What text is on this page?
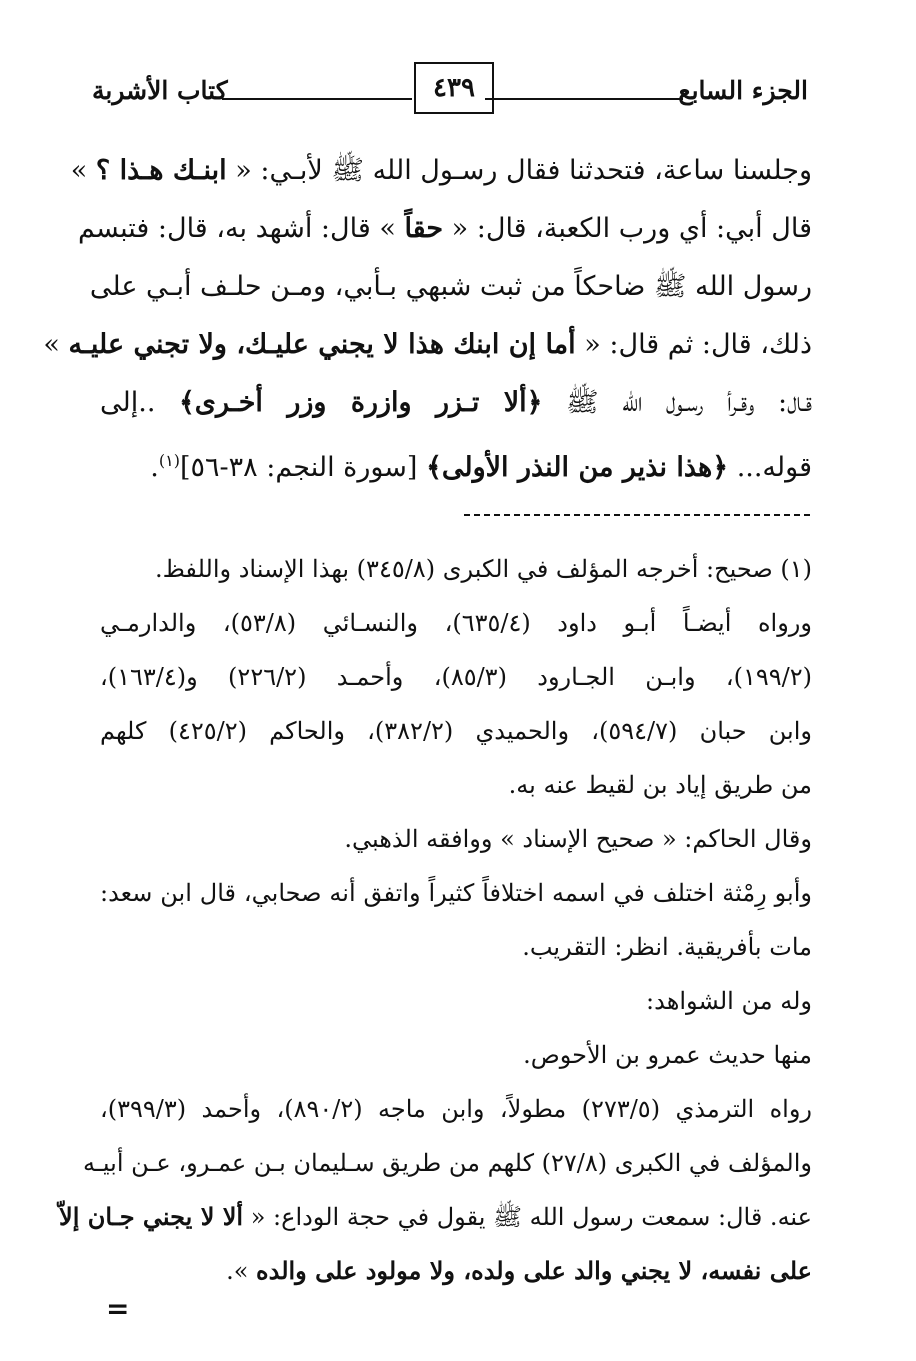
الجزء السابع
٤٣٩
كتاب الأشربة
وجلسنا ساعة، فتحدثنا فقال رسـول الله ﷺ لأبـي: « ابنـك هـذا ؟ »
قال أبي: أي ورب الكعبة، قال: « حقاً » قال: أشهد به، قال: فتبسم
رسول الله ﷺ ضاحكاً من ثبت شبهي بـأبي، ومـن حلـف أبـي على
ذلك، قال: ثم قال: « أما إن ابنك هذا لا يجني عليـك، ولا تجني عليـه »
قـال: وقـرأ رسـول الله ﷺ ﴿ألا تـزر وازرة وزر أخـرى﴾ ..إلى
قوله... ﴿هذا نذير من النذر الأولى﴾ [سورة النجم: ٣٨-٥٦]$^{(١)}$.
(١) صحيح: أخرجه المؤلف في الكبرى (٣٤٥/٨) بهذا الإسناد واللفظ.
ورواه أيضـاً أبـو داود (٦٣٥/٤)، والنسـائي (٥٣/٨)، والدارمـي
(١٩٩/٢)، وابـن الجـارود (٨٥/٣)، وأحمـد (٢٢٦/٢) و(١٦٣/٤)،
وابن حبان (٥٩٤/٧)، والحميدي (٣٨٢/٢)، والحاكم (٤٢٥/٢) كلهم
من طريق إياد بن لقيط عنه به.
وقال الحاكم: « صحيح الإسناد » ووافقه الذهبي.
وأبو رِمْثة اختلف في اسمه اختلافاً كثيراً واتفق أنه صحابي، قال ابن سعد:
مات بأفريقية. انظر: التقريب.
وله من الشواهد:
منها حديث عمرو بن الأحوص.
رواه الترمذي (٢٧٣/٥) مطولاً، وابن ماجه (٨٩٠/٢)، وأحمد (٣٩٩/٣)،
والمؤلف في الكبرى (٢٧/٨) كلهم من طريق سـليمان بـن عمـرو، عـن أبيـه
عنه. قال: سمعت رسول الله ﷺ يقول في حجة الوداع: « ألا لا يجني جـان إلاّ
على نفسه، لا يجني والد على ولده، ولا مولود على والده ».
=
